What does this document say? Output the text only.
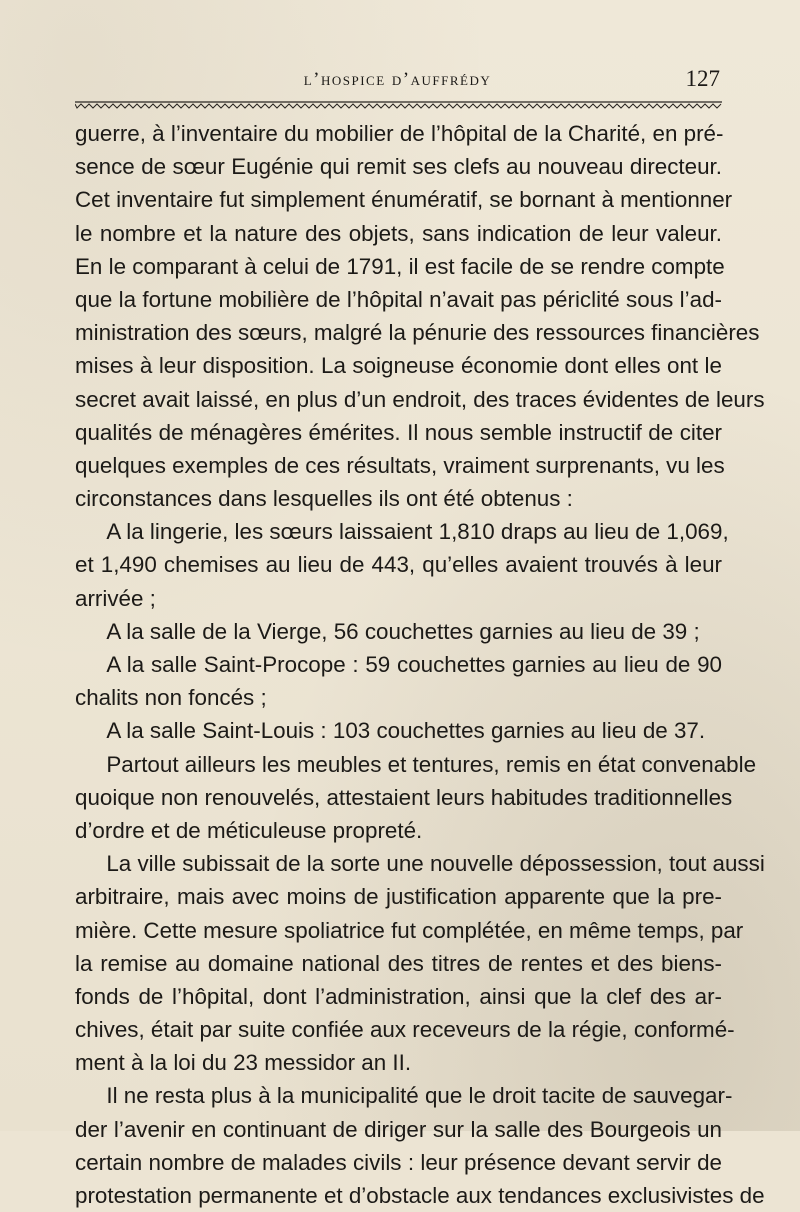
l’hospice d’auffrédy	127
guerre, à l’inventaire du mobilier de l’hôpital de la Charité, en pré-
sence de sœur Eugénie qui remit ses clefs au nouveau directeur.
Cet inventaire fut simplement énumératif, se bornant à mentionner
le nombre et la nature des objets, sans indication de leur valeur.
En le comparant à celui de 1791, il est facile de se rendre compte
que la fortune mobilière de l’hôpital n’avait pas périclité sous l’ad-
ministration des sœurs, malgré la pénurie des ressources financières
mises à leur disposition. La soigneuse économie dont elles ont le
secret avait laissé, en plus d’un endroit, des traces évidentes de leurs
qualités de ménagères émérites. Il nous semble instructif de citer
quelques exemples de ces résultats, vraiment surprenants, vu les
circonstances dans lesquelles ils ont été obtenus :
A la lingerie, les sœurs laissaient 1,810 draps au lieu de 1,069,
et 1,490 chemises au lieu de 443, qu’elles avaient trouvés à leur
arrivée ;
A la salle de la Vierge, 56 couchettes garnies au lieu de 39 ;
A la salle Saint-Procope : 59 couchettes garnies au lieu de 90
chalits non foncés ;
A la salle Saint-Louis : 103 couchettes garnies au lieu de 37.
Partout ailleurs les meubles et tentures, remis en état convenable
quoique non renouvelés, attestaient leurs habitudes traditionnelles
d’ordre et de méticuleuse propreté.
La ville subissait de la sorte une nouvelle dépossession, tout aussi
arbitraire, mais avec moins de justification apparente que la pre-
mière. Cette mesure spoliatrice fut complétée, en même temps, par
la remise au domaine national des titres de rentes et des biens-
fonds de l’hôpital, dont l’administration, ainsi que la clef des ar-
chives, était par suite confiée aux receveurs de la régie, conformé-
ment à la loi du 23 messidor an II.
Il ne resta plus à la municipalité que le droit tacite de sauvegar-
der l’avenir en continuant de diriger sur la salle des Bourgeois un
certain nombre de malades civils : leur présence devant servir de
protestation permanente et d’obstacle aux tendances exclusivistes de
